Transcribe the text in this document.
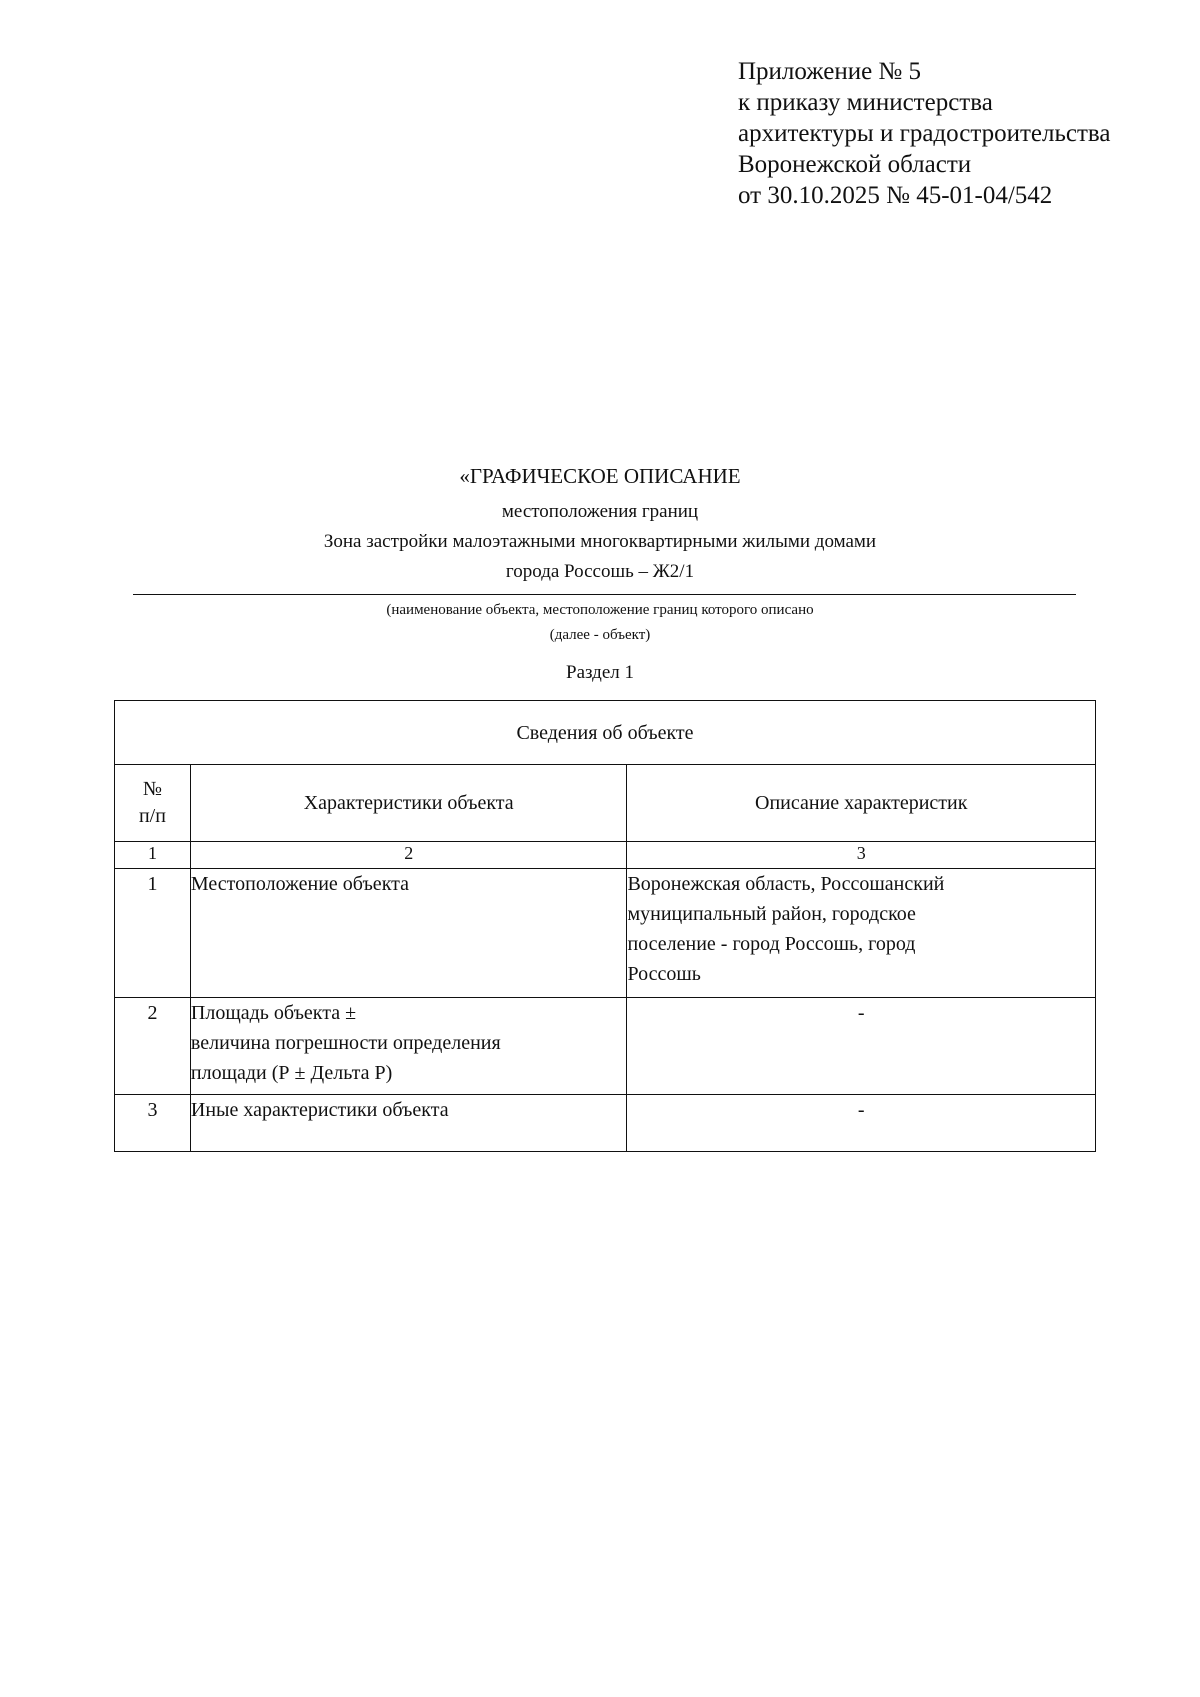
Приложение № 5
к приказу министерства
архитектуры и градостроительства
Воронежской области
от 30.10.2025 № 45-01-04/542
«ГРАФИЧЕСКОЕ ОПИСАНИЕ
местоположения границ
Зона застройки малоэтажными многоквартирными жилыми домами
города Россошь – Ж2/1
(наименование объекта, местоположение границ которого описано
(далее - объект)
Раздел 1
Сведения об объекте		

№
п/п	Характеристики объекта	Описание характеристик
1	2	3
1	Местоположение объекта	Воронежская область, Россошанский
муниципальный район, городское
поселение - город Россошь, город
Россошь

2	Площадь объекта ±
величина погрешности определения
площади (Р ± Дельта Р)	-
3	Иные характеристики объекта	-
